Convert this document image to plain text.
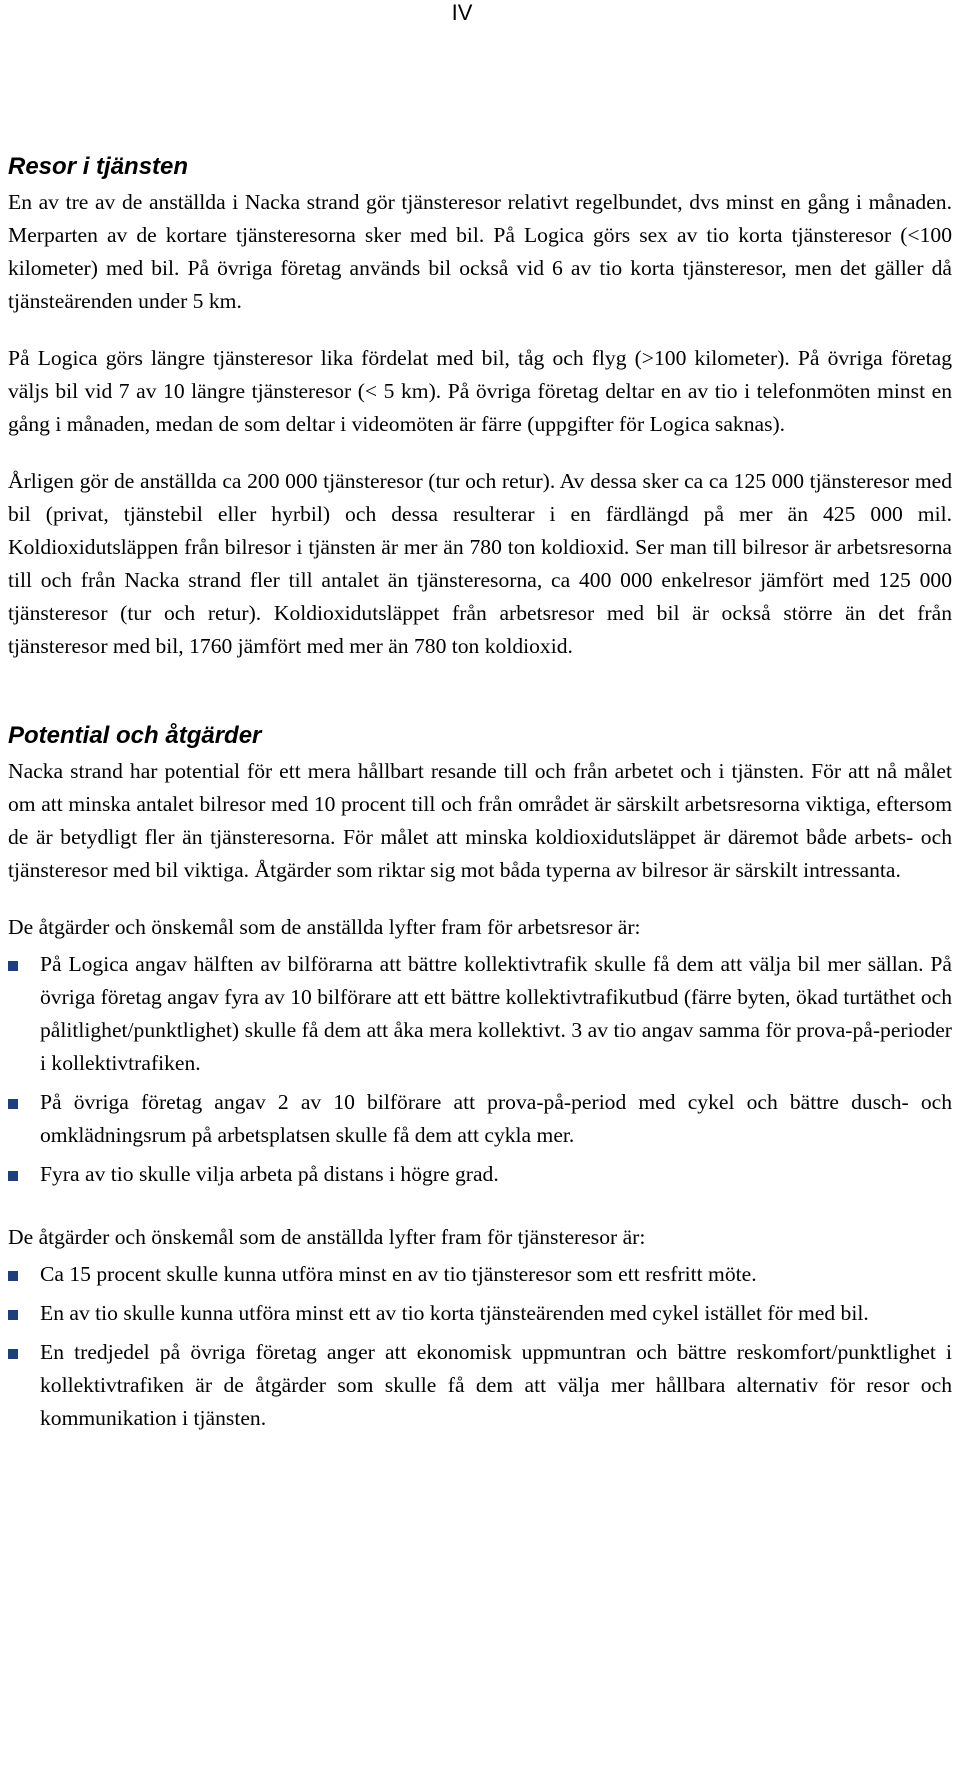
IV
Resor i tjänsten

En av tre av de anställda i Nacka strand gör tjänsteresor relativt regelbundet, dvs minst en gång i månaden. Merparten av de kortare tjänsteresorna sker med bil. På Logica görs sex av tio korta tjänsteresor (<100 kilometer) med bil. På övriga företag används bil också vid 6 av tio korta tjänsteresor, men det gäller då tjänsteärenden under 5 km.

På Logica görs längre tjänsteresor lika fördelat med bil, tåg och flyg (>100 kilometer). På övriga företag väljs bil vid 7 av 10 längre tjänsteresor (< 5 km). På övriga företag deltar en av tio i telefonmöten minst en gång i månaden, medan de som deltar i videomöten är färre (uppgifter för Logica saknas).

Årligen gör de anställda ca 200 000 tjänsteresor (tur och retur). Av dessa sker ca ca 125 000 tjänsteresor med bil (privat, tjänstebil eller hyrbil) och dessa resulterar i en färdlängd på mer än 425 000 mil. Koldioxidutsläppen från bilresor i tjänsten är mer än 780 ton koldioxid. Ser man till bilresor är arbetsresorna till och från Nacka strand fler till antalet än tjänsteresorna, ca 400 000 enkelresor jämfört med 125 000 tjänsteresor (tur och retur). Koldioxidutsläppet från arbetsresor med bil är också större än det från tjänsteresor med bil, 1760 jämfört med mer än 780 ton koldioxid.

Potential och åtgärder

Nacka strand har potential för ett mera hållbart resande till och från arbetet och i tjänsten. För att nå målet om att minska antalet bilresor med 10 procent till och från området är särskilt arbetsresorna viktiga, eftersom de är betydligt fler än tjänsteresorna. För målet att minska koldioxidutsläppet är däremot både arbets- och tjänsteresor med bil viktiga. Åtgärder som riktar sig mot båda typerna av bilresor är särskilt intressanta.

De åtgärder och önskemål som de anställda lyfter fram för arbetsresor är:

På Logica angav hälften av bilförarna att bättre kollektivtrafik skulle få dem att välja bil mer sällan. På övriga företag angav fyra av 10 bilförare att ett bättre kollektivtrafikutbud (färre byten, ökad turtäthet och pålitlighet/punktlighet) skulle få dem att åka mera kollektivt. 3 av tio angav samma för prova-på-perioder i kollektivtrafiken.
På övriga företag angav 2 av 10 bilförare att prova-på-period med cykel och bättre dusch- och omklädningsrum på arbetsplatsen skulle få dem att cykla mer.
Fyra av tio skulle vilja arbeta på distans i högre grad.

De åtgärder och önskemål som de anställda lyfter fram för tjänsteresor är:

Ca 15 procent skulle kunna utföra minst en av tio tjänsteresor som ett resfritt möte.
En av tio skulle kunna utföra minst ett av tio korta tjänsteärenden med cykel istället för med bil.
En tredjedel på övriga företag anger att ekonomisk uppmuntran och bättre reskomfort/punktlighet i kollektivtrafiken är de åtgärder som skulle få dem att välja mer hållbara alternativ för resor och kommunikation i tjänsten.
